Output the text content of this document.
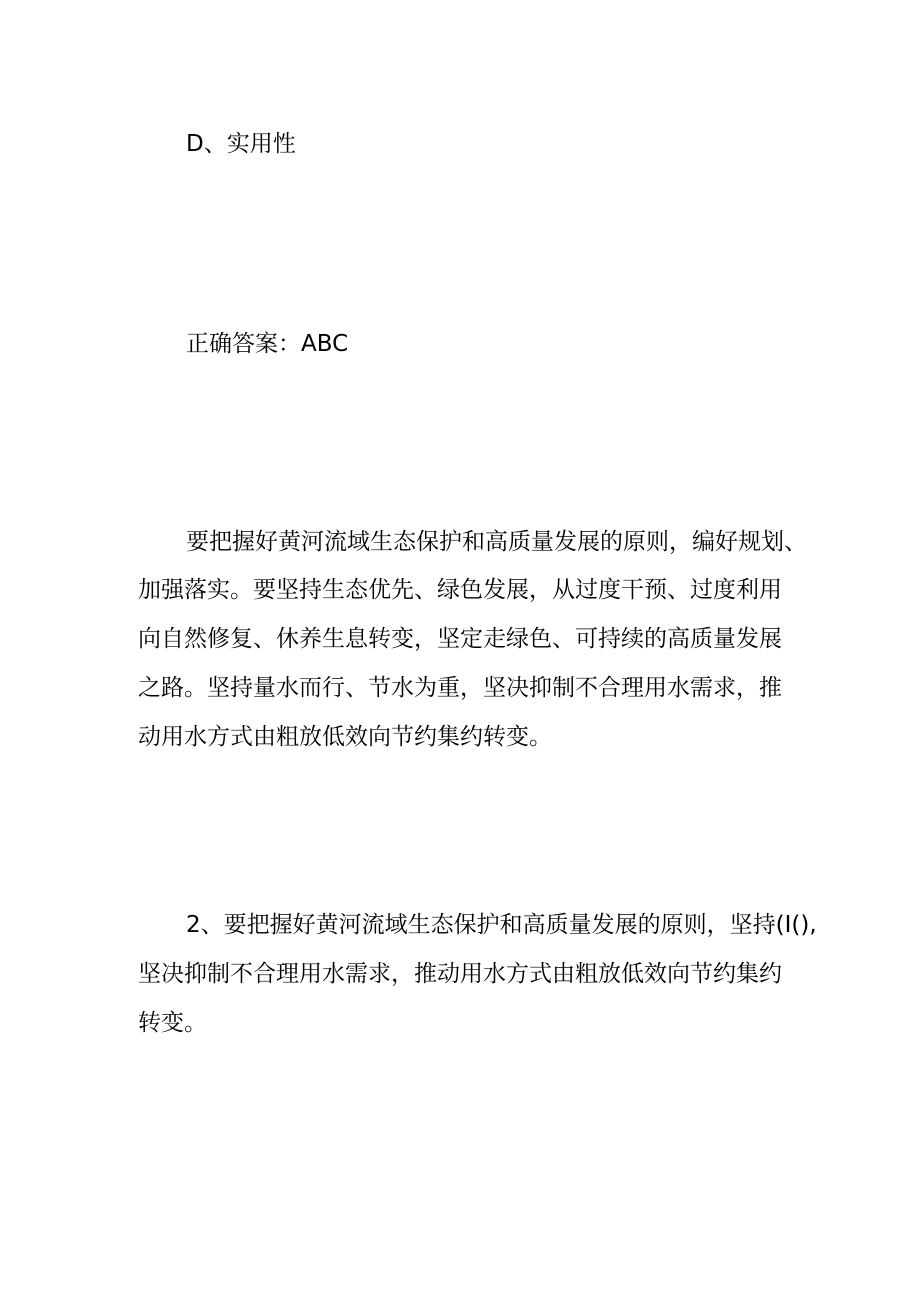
D、实用性
正确答案：ABC
要把握好黄河流域生态保护和高质量发展的原则，编好规划、
加强落实。要坚持生态优先、绿色发展，从过度干预、过度利用
向自然修复、休养生息转变，坚定走绿色、可持续的高质量发展
之路。坚持量水而行、节水为重，坚决抑制不合理用水需求，推
动用水方式由粗放低效向节约集约转变。
2、要把握好黄河流域生态保护和高质量发展的原则，坚持(I(),
坚决抑制不合理用水需求，推动用水方式由粗放低效向节约集约
转变。
